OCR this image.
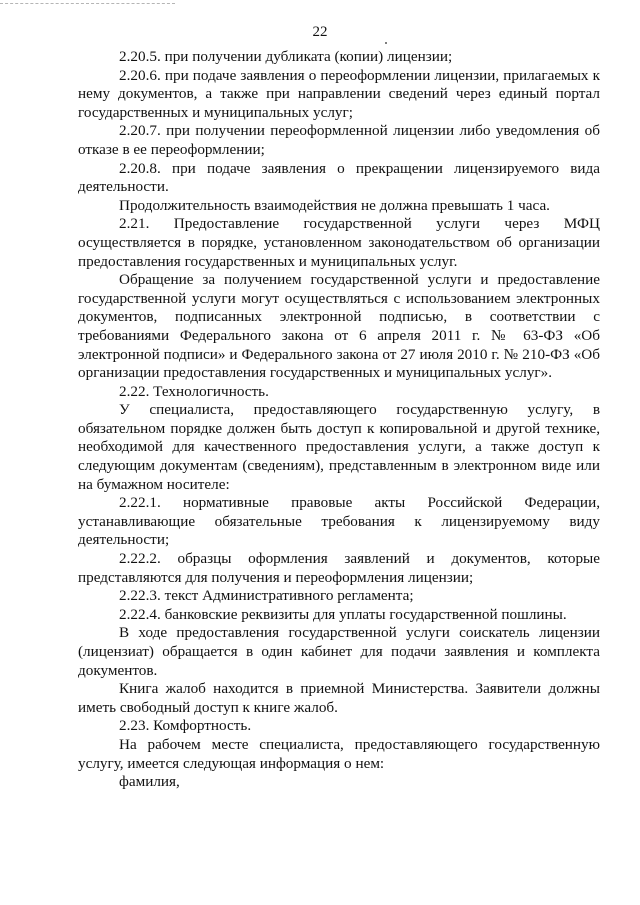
22

2.20.5. при получении дубликата (копии) лицензии;

2.20.6. при подаче заявления о переоформлении лицензии, прилагаемых к нему документов, а также при направлении сведений через единый портал государственных и муниципальных услуг;

2.20.7. при получении переоформленной лицензии либо уведомления об отказе в ее переоформлении;

2.20.8. при подаче заявления о прекращении лицензируемого вида деятельности.

Продолжительность взаимодействия не должна превышать 1 часа.

2.21. Предоставление государственной услуги через МФЦ осуществляется в порядке, установленном законодательством об организации предоставления государственных и муниципальных услуг.

Обращение за получением государственной услуги и предоставление государственной услуги могут осуществляться с использованием электронных документов, подписанных электронной подписью, в соответствии с требованиями Федерального закона от 6 апреля 2011 г. № 63-ФЗ «Об электронной подписи» и Федерального закона от 27 июля 2010 г. № 210-ФЗ «Об организации предоставления государственных и муниципальных услуг».

2.22. Технологичность.

У специалиста, предоставляющего государственную услугу, в обязательном порядке должен быть доступ к копировальной и другой технике, необходимой для качественного предоставления услуги, а также доступ к следующим документам (сведениям), представленным в электронном виде или на бумажном носителе:

2.22.1. нормативные правовые акты Российской Федерации, устанавливающие обязательные требования к лицензируемому виду деятельности;

2.22.2. образцы оформления заявлений и документов, которые представляются для получения и переоформления лицензии;

2.22.3. текст Административного регламента;

2.22.4. банковские реквизиты для уплаты государственной пошлины.

В ходе предоставления государственной услуги соискатель лицензии (лицензиат) обращается в один кабинет для подачи заявления и комплекта документов.

Книга жалоб находится в приемной Министерства. Заявители должны иметь свободный доступ к книге жалоб.

2.23. Комфортность.

На рабочем месте специалиста, предоставляющего государственную услугу, имеется следующая информация о нем:

фамилия,
